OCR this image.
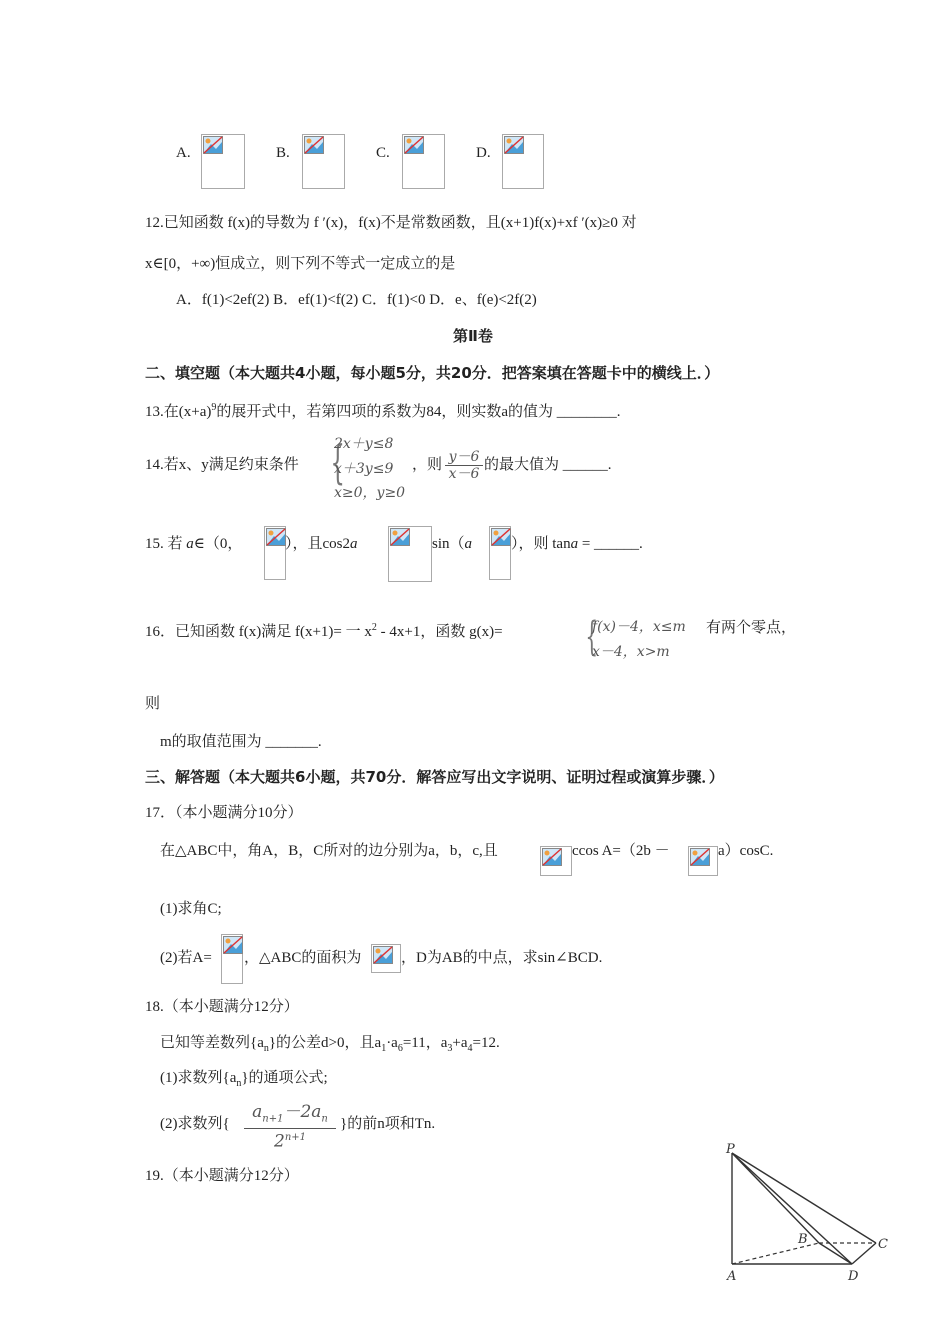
A.	B.	C.	D.
12.已知函数 f(x)的导数为 f ′(x)，f(x)不是常数函数，且(x+1)f(x)+xf ′(x)≥0 对
x∈[0，+∞)恒成立，则下列不等式一定成立的是
A．f(1)<2ef(2) B．ef(1)<f(2) C．f(1)<0 D．e、f(e)<2f(2)
第Ⅱ卷
二、填空题（本大题共4小题，每小题5分，共20分．把答案填在答题卡中的横线上．）
13.在$(x+a)^9$的展开式中，若第四项的系数为84，则实数a的值为 ________.
14.若x、y满足约束条件 {
2x＋y≤8
x＋3y≤9
x≥0，y≥0
，则 y－6
x－6
的最大值为 ______.
15. 若 a∈（0，	），且cos2a	sin（a	），则 tana = ______.
16．已知函数 f(x)满足 f(x+1)= 一 $x^2 - 4x+1$，函数 g(x)= {
f(x)－4，x≤m
x－4，x>m
有两个零点，
则
m的取值范围为 _______.
三、解答题（本大题共6小题，共70分．解答应写出文字说明、证明过程或演算步骤．）
17．（本小题满分10分）
在△ABC中，角A，B，C所对的边分别为a，b，c,且	ccos A=（2b －	a）cosC.
(1)求角C;
(2)若A= ，△ABC的面积为	，D为AB的中点，求sin∠BCD.
18.（本小题满分12分）
已知等差数列$\{a_n\}$的公差d>0，且$a_1\cdot a_6=11$，$a_3+a_4=12$.
(1)求数列$\{a_n\}$的通项公式;
(2)求数列{
$a_{n+1}-2a_n$
$2^{n+1}$
}的前n项和Tn.
19.（本小题满分12分）
P
A
B	C
D
